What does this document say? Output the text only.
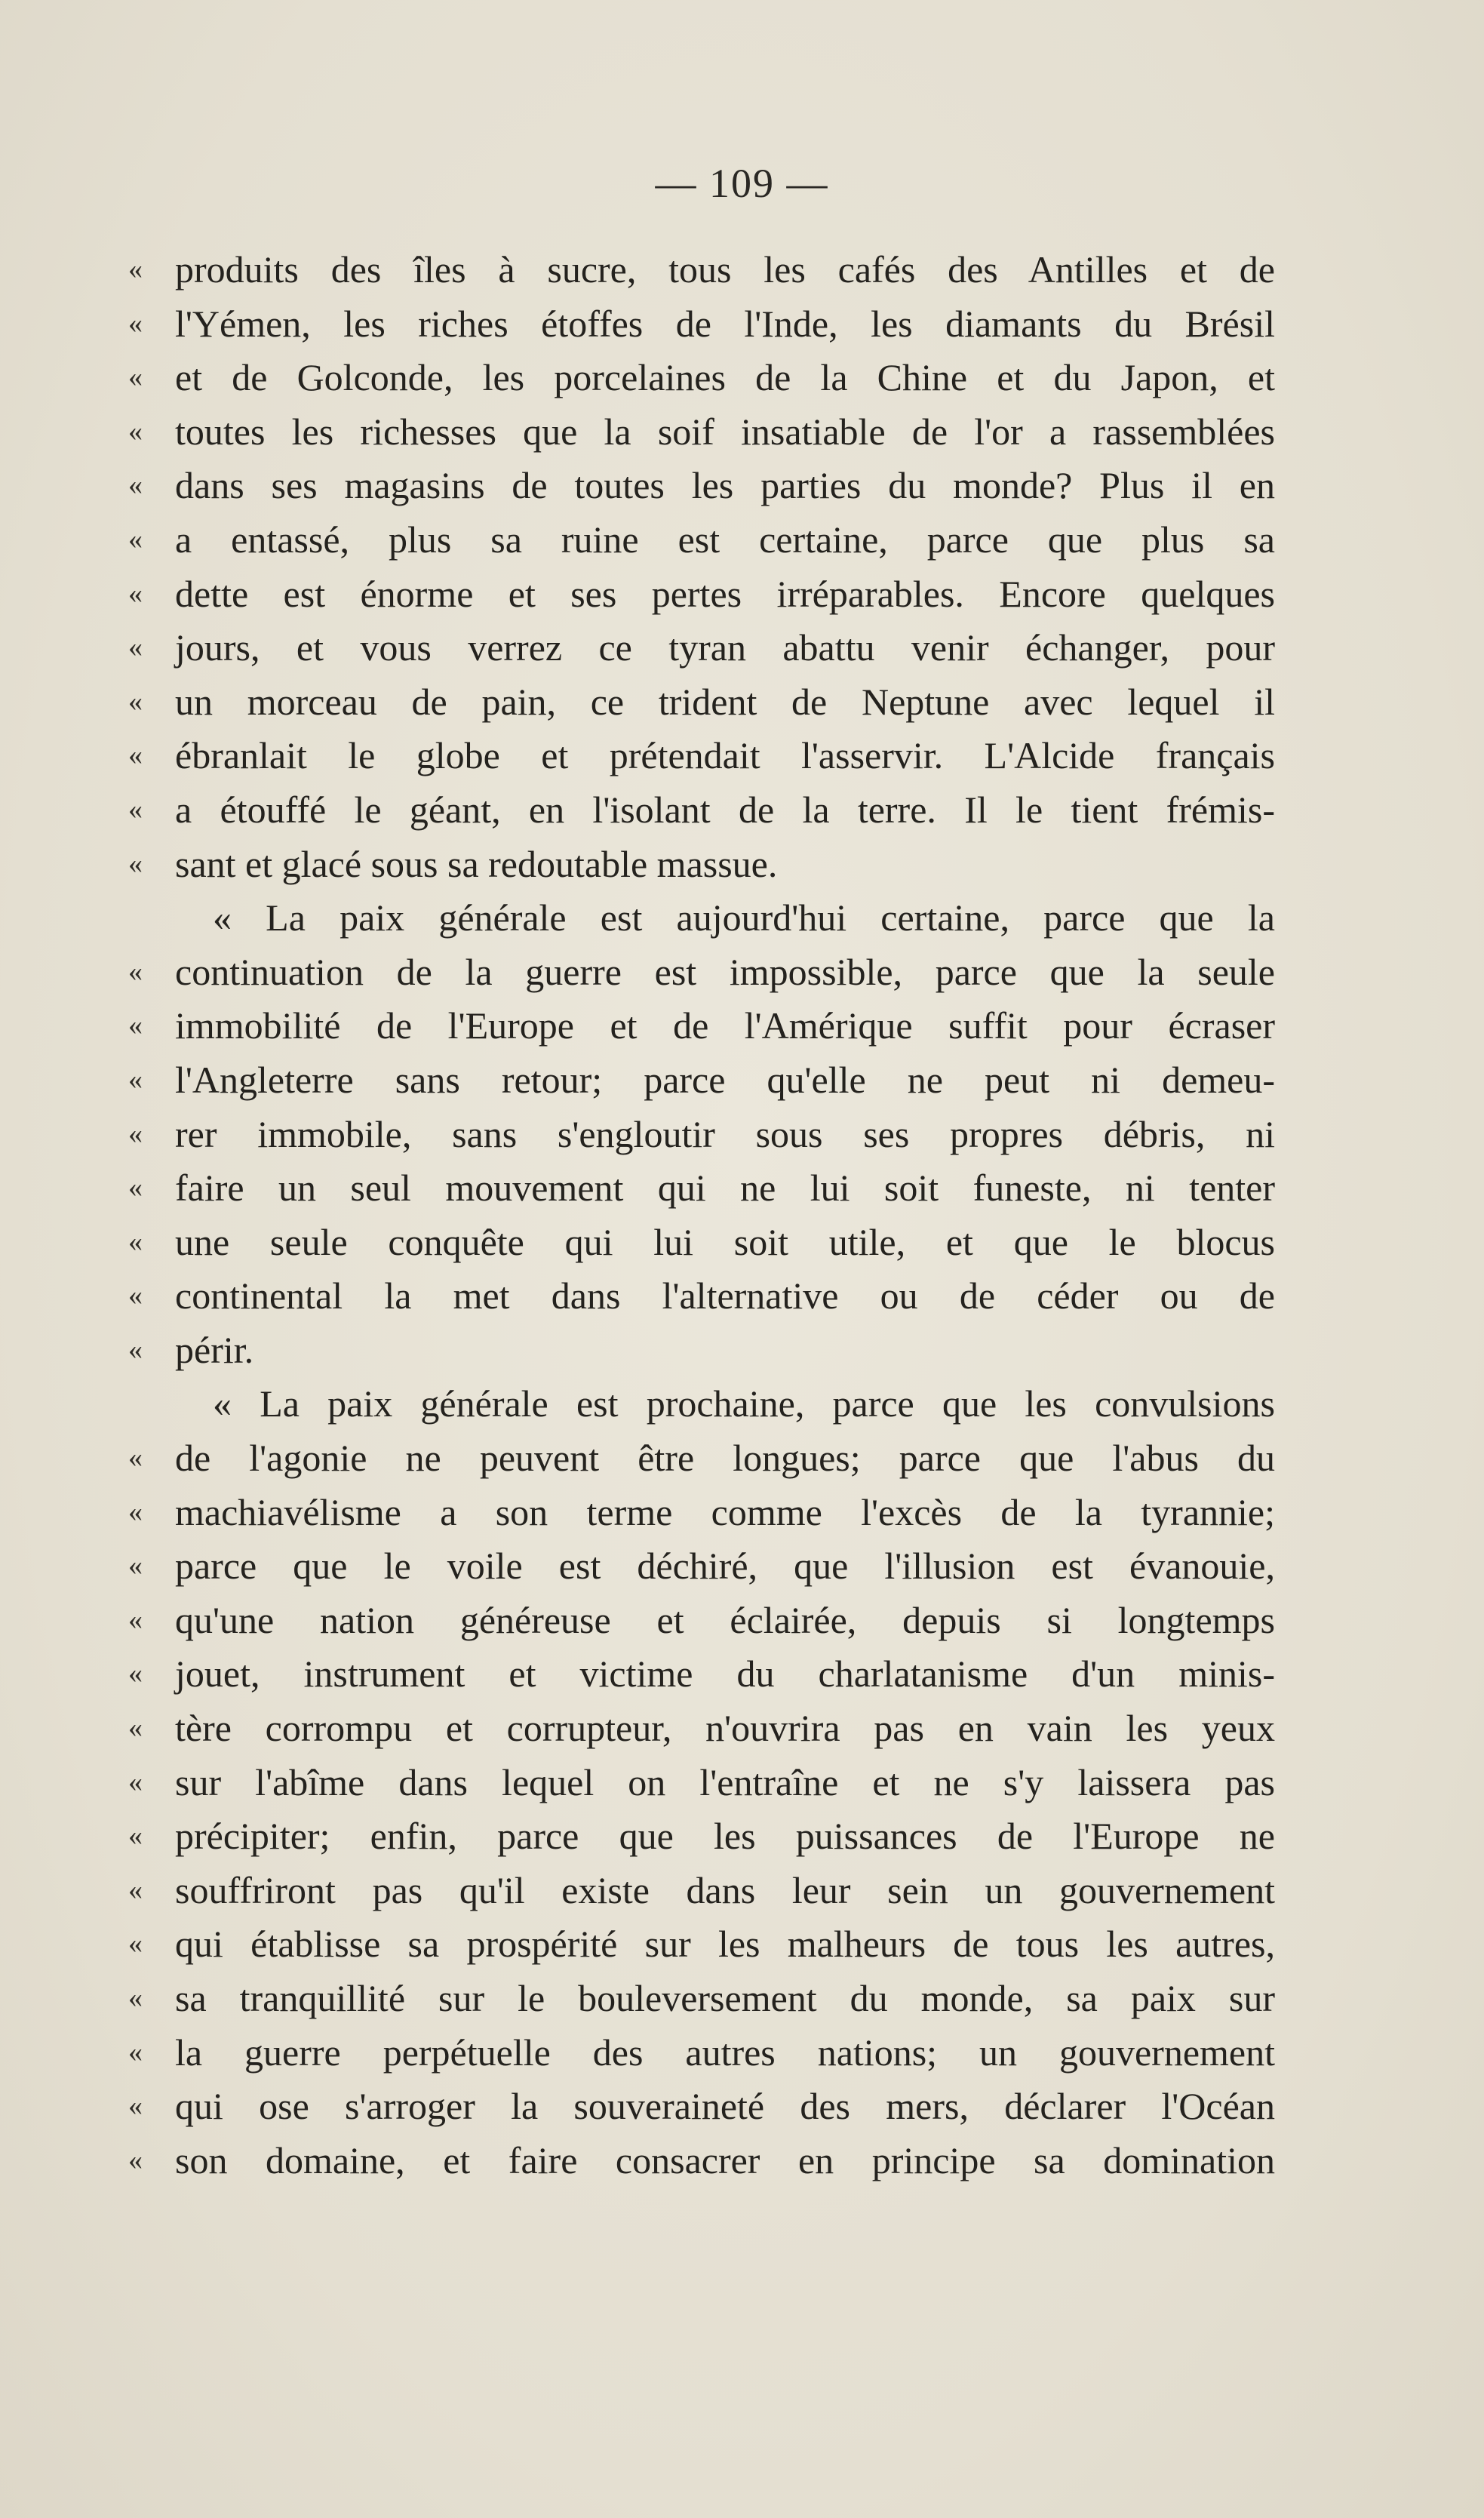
— 109 —
« produits des îles à sucre, tous les cafés des Antilles et de
« l'Yémen, les riches étoffes de l'Inde, les diamants du Brésil
« et de Golconde, les porcelaines de la Chine et du Japon, et
« toutes les richesses que la soif insatiable de l'or a rassemblées
« dans ses magasins de toutes les parties du monde? Plus il en
« a entassé, plus sa ruine est certaine, parce que plus sa
« dette est énorme et ses pertes irréparables. Encore quelques
« jours, et vous verrez ce tyran abattu venir échanger, pour
« un morceau de pain, ce trident de Neptune avec lequel il
« ébranlait le globe et prétendait l'asservir. L'Alcide français
« a étouffé le géant, en l'isolant de la terre. Il le tient frémis-
« sant et glacé sous sa redoutable massue.
« La paix générale est aujourd'hui certaine, parce que la
« continuation de la guerre est impossible, parce que la seule
« immobilité de l'Europe et de l'Amérique suffit pour écraser
« l'Angleterre sans retour; parce qu'elle ne peut ni demeu-
« rer immobile, sans s'engloutir sous ses propres débris, ni
« faire un seul mouvement qui ne lui soit funeste, ni tenter
« une seule conquête qui lui soit utile, et que le blocus
« continental la met dans l'alternative ou de céder ou de
« périr.
« La paix générale est prochaine, parce que les convulsions
« de l'agonie ne peuvent être longues; parce que l'abus du
« machiavélisme a son terme comme l'excès de la tyrannie;
« parce que le voile est déchiré, que l'illusion est évanouie,
« qu'une nation généreuse et éclairée, depuis si longtemps
« jouet, instrument et victime du charlatanisme d'un minis-
« tère corrompu et corrupteur, n'ouvrira pas en vain les yeux
« sur l'abîme dans lequel on l'entraîne et ne s'y laissera pas
« précipiter; enfin, parce que les puissances de l'Europe ne
« souffriront pas qu'il existe dans leur sein un gouvernement
« qui établisse sa prospérité sur les malheurs de tous les autres,
« sa tranquillité sur le bouleversement du monde, sa paix sur
« la guerre perpétuelle des autres nations; un gouvernement
« qui ose s'arroger la souveraineté des mers, déclarer l'Océan
« son domaine, et faire consacrer en principe sa domination
